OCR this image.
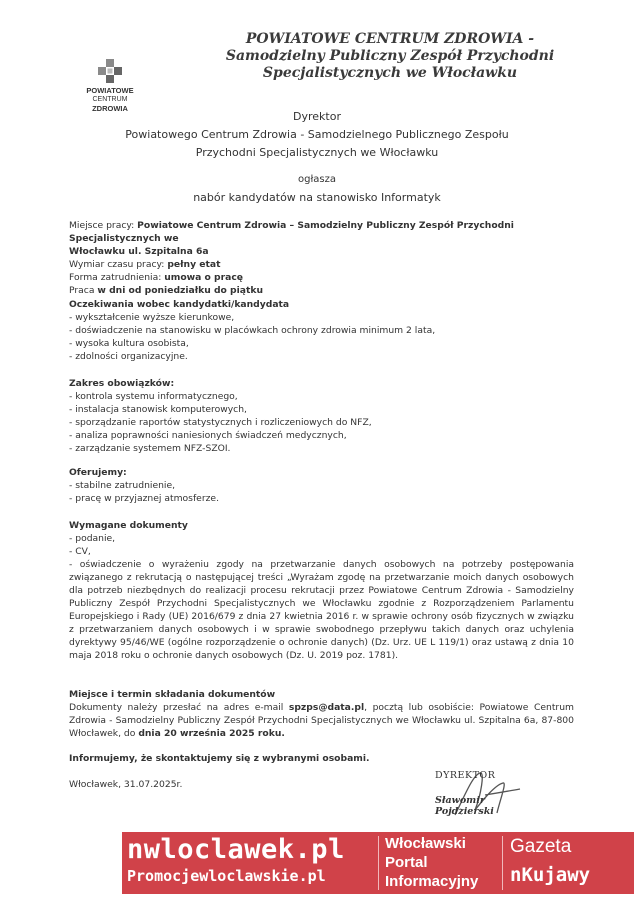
POWIATOWE
CENTRUM
ZDROWIA
POWIATOWE CENTRUM ZDROWIA -
Samodzielny Publiczny Zespół Przychodni
Specjalistycznych we Włocławku
Dyrektor
Powiatowego Centrum Zdrowia - Samodzielnego Publicznego Zespołu
Przychodni Specjalistycznych we Włocławku
ogłasza
nabór kandydatów na stanowisko Informatyk
Miejsce pracy: Powiatowe Centrum Zdrowia – Samodzielny Publiczny Zespół Przychodni Specjalistycznych we
Włocławku ul. Szpitalna 6a
Wymiar czasu pracy: pełny etat
Forma zatrudnienia: umowa o pracę
Praca w dni od poniedziałku do piątku
Oczekiwania wobec kandydatki/kandydata
- wykształcenie wyższe kierunkowe,
- doświadczenie na stanowisku w placówkach ochrony zdrowia minimum 2 lata,
- wysoka kultura osobista,
- zdolności organizacyjne.
Zakres obowiązków:
- kontrola systemu informatycznego,
- instalacja stanowisk komputerowych,
- sporządzanie raportów statystycznych i rozliczeniowych do NFZ,
- analiza poprawności naniesionych świadczeń medycznych,
- zarządzanie systemem NFZ-SZOI.
Oferujemy:
- stabilne zatrudnienie,
- pracę w przyjaznej atmosferze.
Wymagane dokumenty
- podanie,
- CV,
- oświadczenie o wyrażeniu zgody na przetwarzanie danych osobowych na potrzeby postępowania związanego z rekrutacją o następującej treści „Wyrażam zgodę na przetwarzanie moich danych osobowych dla potrzeb niezbędnych do realizacji procesu rekrutacji przez Powiatowe Centrum Zdrowia - Samodzielny Publiczny Zespół Przychodni Specjalistycznych we Włocławku zgodnie z Rozporządzeniem Parlamentu Europejskiego i Rady (UE) 2016/679 z dnia 27 kwietnia 2016 r. w sprawie ochrony osób fizycznych w związku z przetwarzaniem danych osobowych i w sprawie swobodnego przepływu takich danych oraz uchylenia dyrektywy 95/46/WE (ogólne rozporządzenie o ochronie danych) (Dz. Urz. UE L 119/1) oraz ustawą z dnia 10 maja 2018 roku o ochronie danych osobowych (Dz. U. 2019 poz. 1781).
Miejsce i termin składania dokumentów
Dokumenty należy przesłać na adres e-mail spzps@data.pl, pocztą lub osobiście: Powiatowe Centrum Zdrowia - Samodzielny Publiczny Zespół Przychodni Specjalistycznych we Włocławku ul. Szpitalna 6a, 87-800 Włocławek, do dnia 20 września 2025 roku.
Informujemy, że skontaktujemy się z wybranymi osobami.
Włocławek, 31.07.2025r.
DYREKTOR
Sławomir Pojdzierski
nwloclawek.pl
Promocjewloclawskie.pl
Włocławski
Portal
Informacyjny
Gazeta
nKujawy
